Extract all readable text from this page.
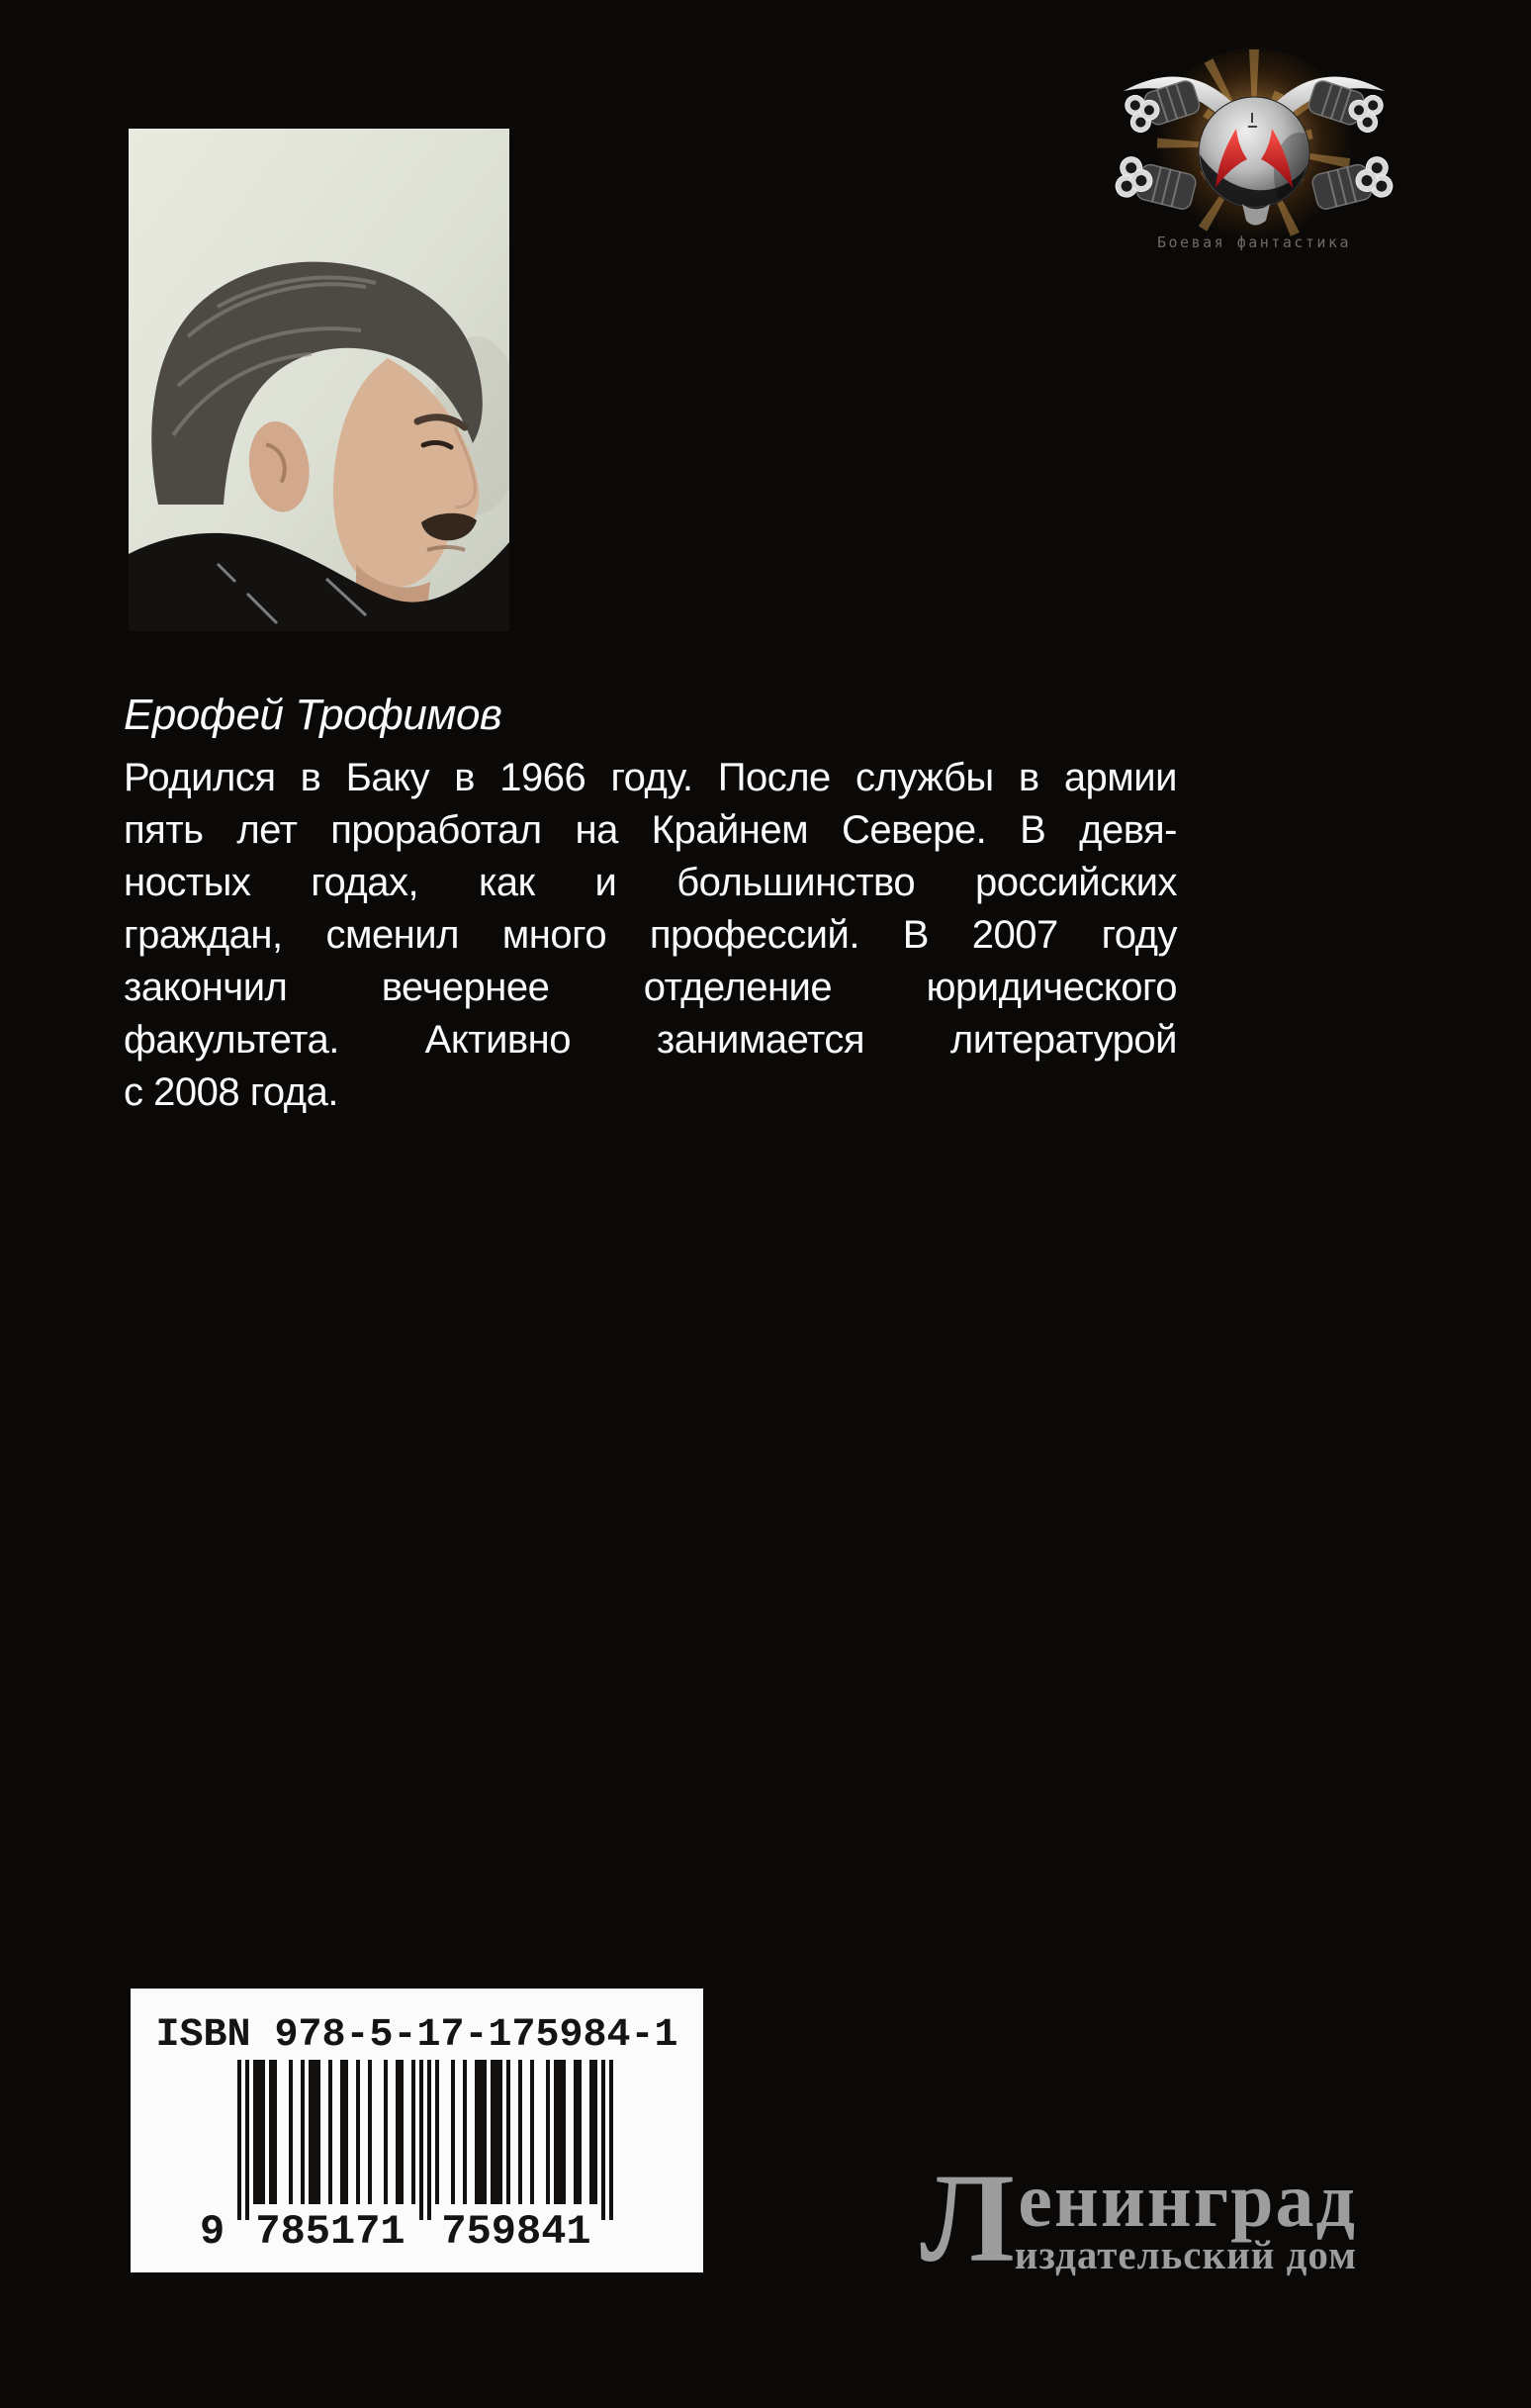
Боевая фантастика
Ерофей Трофимов
Родился в Баку в 1966 году. После службы в армии
пять лет проработал на Крайнем Севере. В девя-
ностых годах, как и большинство российских
граждан, сменил много профессий. В 2007 году
закончил вечернее отделение юридического
факультета. Активно занимается литературой
с 2008 года.
ISBN 978-5-17-175984-1
9 785171 759841	Л енинград
издательский дом
